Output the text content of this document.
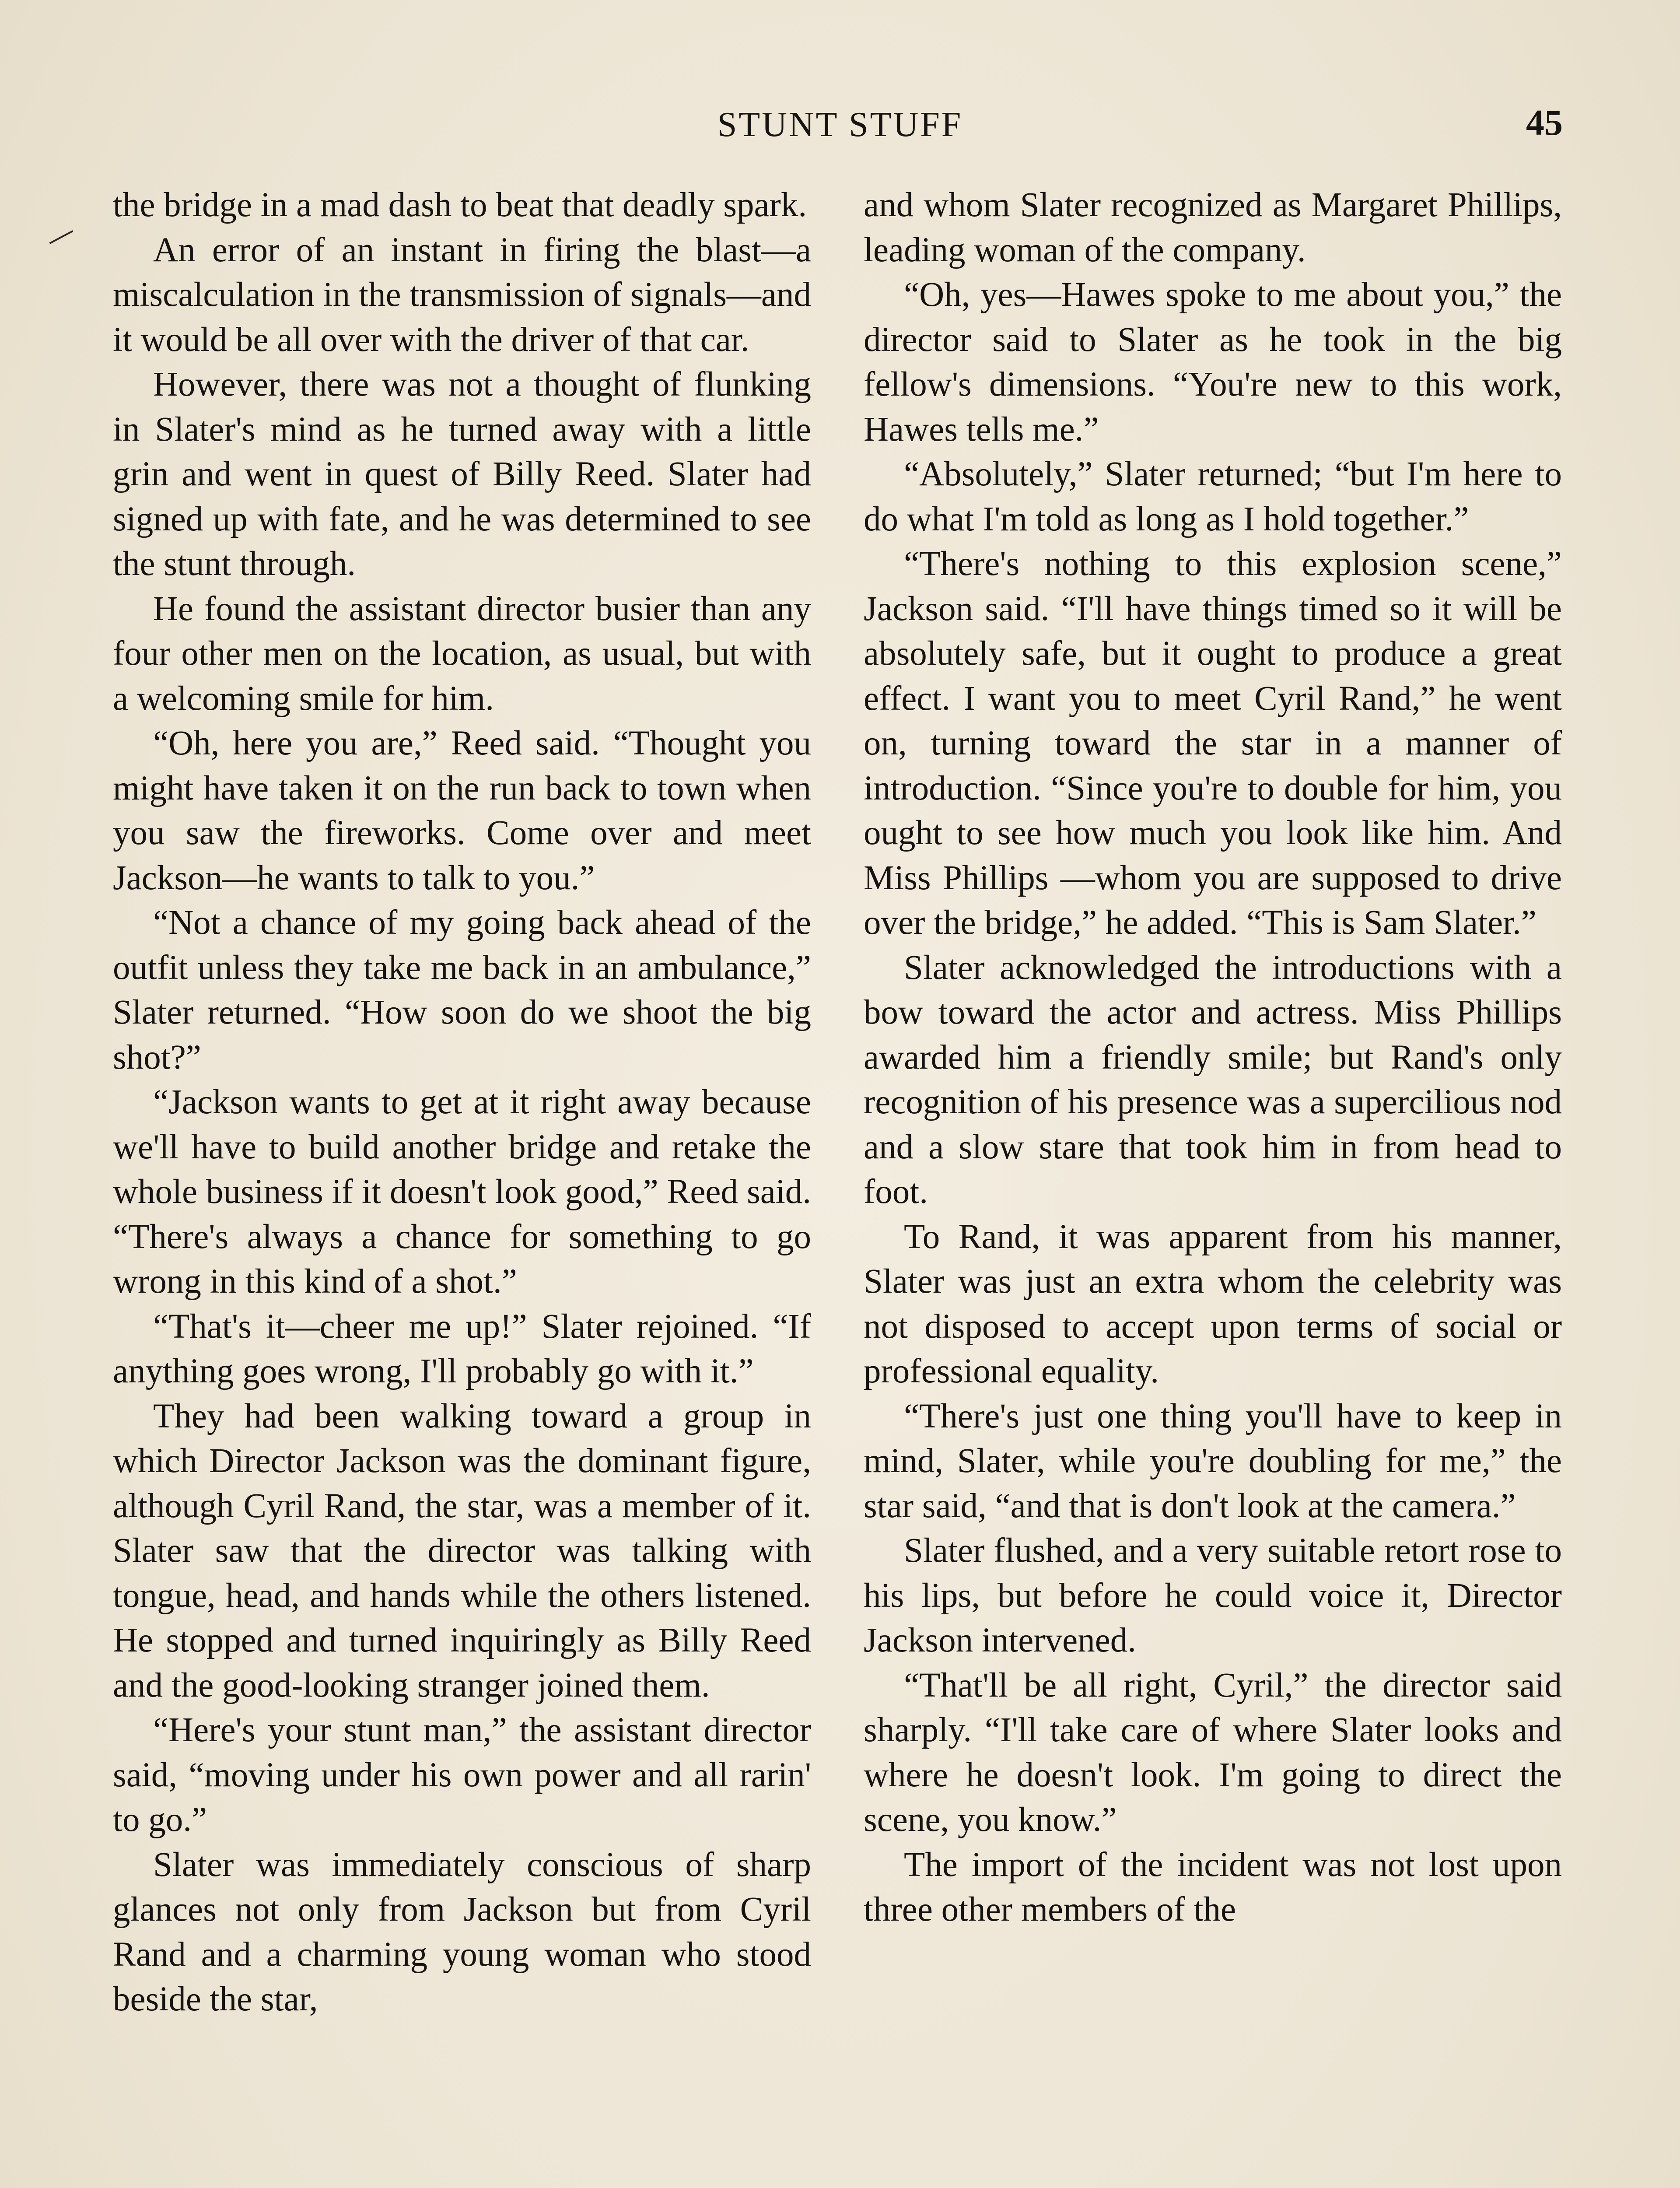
STUNT STUFF	45

the bridge in a mad dash to beat that deadly spark.

An error of an instant in firing the blast—a miscalculation in the transmission of signals—and it would be all over with the driver of that car.

However, there was not a thought of flunking in Slater's mind as he turned away with a little grin and went in quest of Billy Reed. Slater had signed up with fate, and he was determined to see the stunt through.

He found the assistant director busier than any four other men on the location, as usual, but with a welcoming smile for him.

“Oh, here you are,” Reed said. “Thought you might have taken it on the run back to town when you saw the fireworks. Come over and meet Jackson—he wants to talk to you.”

“Not a chance of my going back ahead of the outfit unless they take me back in an ambulance,” Slater returned. “How soon do we shoot the big shot?”

“Jackson wants to get at it right away because we'll have to build another bridge and retake the whole business if it doesn't look good,” Reed said. “There's always a chance for something to go wrong in this kind of a shot.”

“That's it—cheer me up!” Slater rejoined. “If anything goes wrong, I'll probably go with it.”

They had been walking toward a group in which Director Jackson was the dominant figure, although Cyril Rand, the star, was a member of it. Slater saw that the director was talking with tongue, head, and hands while the others listened. He stopped and turned inquiringly as Billy Reed and the good-looking stranger joined them.

“Here's your stunt man,” the assistant director said, “moving under his own power and all rarin' to go.”

Slater was immediately conscious of sharp glances not only from Jackson but from Cyril Rand and a charming young woman who stood beside the star,

and whom Slater recognized as Margaret Phillips, leading woman of the company.

“Oh, yes—Hawes spoke to me about you,” the director said to Slater as he took in the big fellow's dimensions. “You're new to this work, Hawes tells me.”

“Absolutely,” Slater returned; “but I'm here to do what I'm told as long as I hold together.”

“There's nothing to this explosion scene,” Jackson said. “I'll have things timed so it will be absolutely safe, but it ought to produce a great effect. I want you to meet Cyril Rand,” he went on, turning toward the star in a manner of introduction. “Since you're to double for him, you ought to see how much you look like him. And Miss Phillips —whom you are supposed to drive over the bridge,” he added. “This is Sam Slater.”

Slater acknowledged the introductions with a bow toward the actor and actress. Miss Phillips awarded him a friendly smile; but Rand's only recognition of his presence was a supercilious nod and a slow stare that took him in from head to foot.

To Rand, it was apparent from his manner, Slater was just an extra whom the celebrity was not disposed to accept upon terms of social or professional equality.

“There's just one thing you'll have to keep in mind, Slater, while you're doubling for me,” the star said, “and that is don't look at the camera.”

Slater flushed, and a very suitable retort rose to his lips, but before he could voice it, Director Jackson intervened.

“That'll be all right, Cyril,” the director said sharply. “I'll take care of where Slater looks and where he doesn't look. I'm going to direct the scene, you know.”

The import of the incident was not lost upon three other members of the
